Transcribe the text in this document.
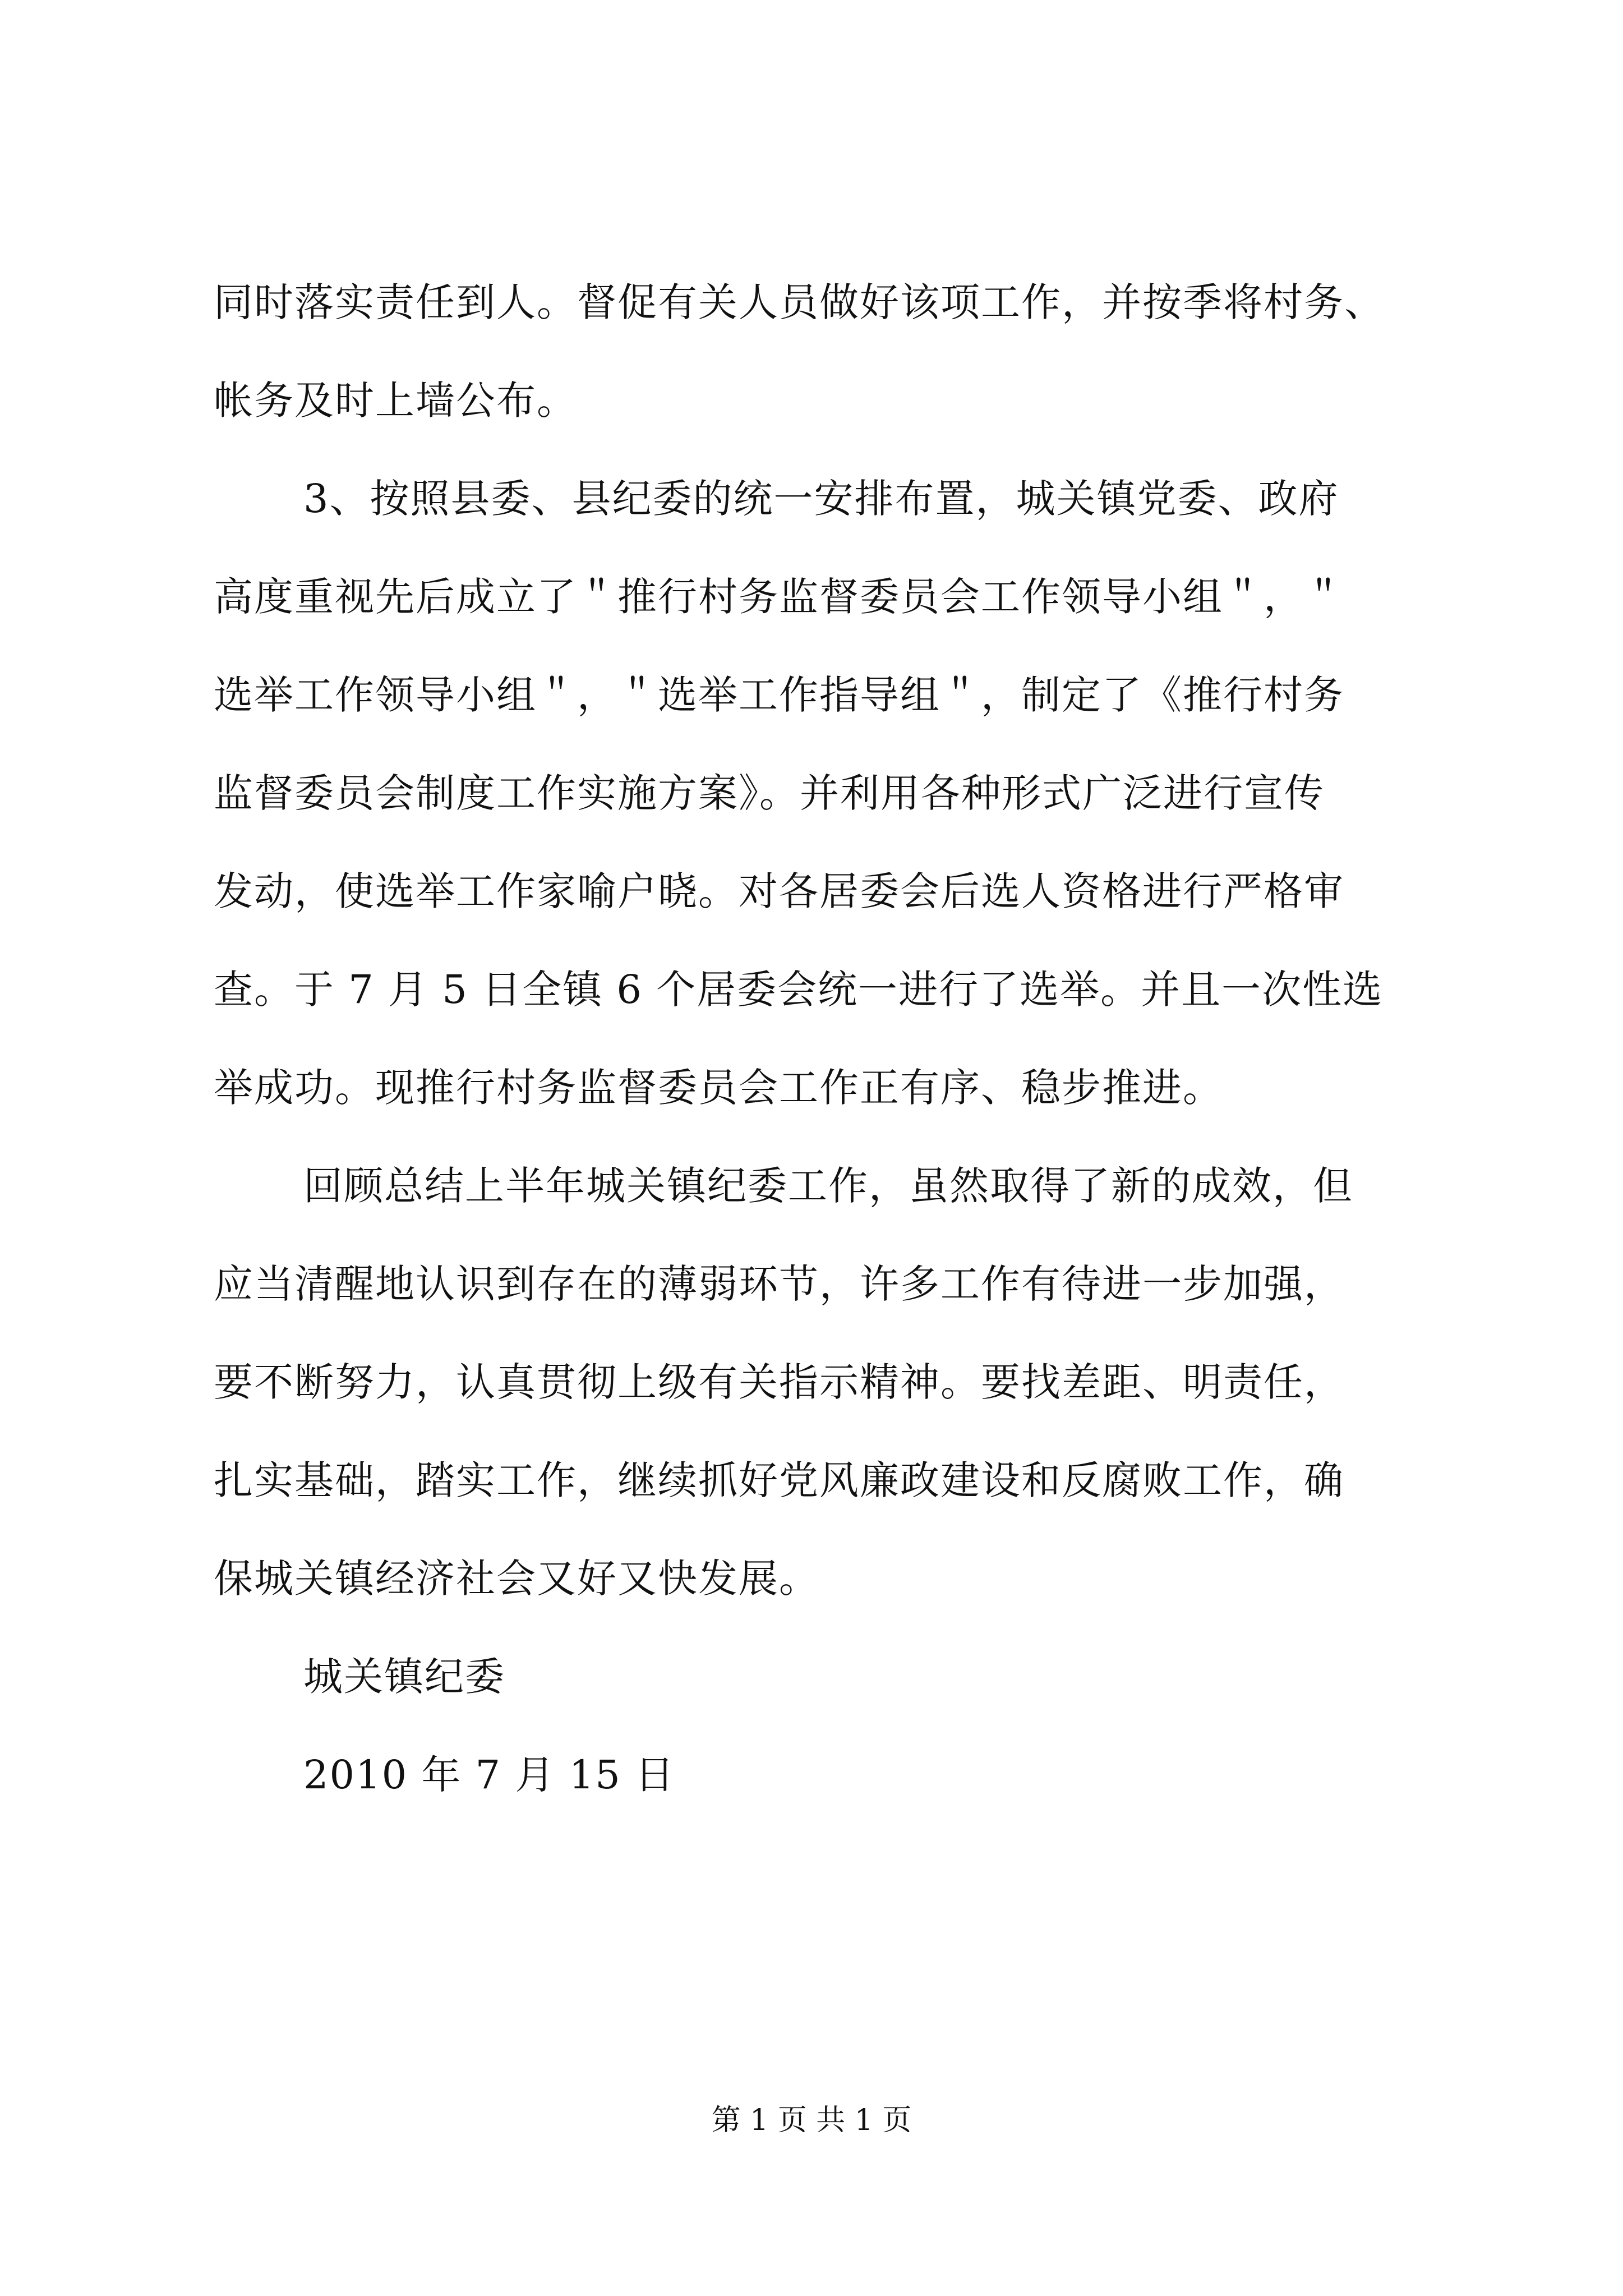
同时落实责任到人。督促有关人员做好该项工作，并按季将村务、
帐务及时上墙公布。
3、按照县委、县纪委的统一安排布置，城关镇党委、政府
高度重视先后成立了＂推行村务监督委员会工作领导小组＂，＂
选举工作领导小组＂，＂选举工作指导组＂，制定了《推行村务
监督委员会制度工作实施方案》。并利用各种形式广泛进行宣传
发动，使选举工作家喻户晓。对各居委会后选人资格进行严格审
查。于 7 月 5 日全镇 6 个居委会统一进行了选举。并且一次性选
举成功。现推行村务监督委员会工作正有序、稳步推进。
回顾总结上半年城关镇纪委工作，虽然取得了新的成效，但
应当清醒地认识到存在的薄弱环节，许多工作有待进一步加强，
要不断努力，认真贯彻上级有关指示精神。要找差距、明责任，
扎实基础，踏实工作，继续抓好党风廉政建设和反腐败工作，确
保城关镇经济社会又好又快发展。
城关镇纪委
2010 年 7 月 15 日
第 1 页 共 1 页
